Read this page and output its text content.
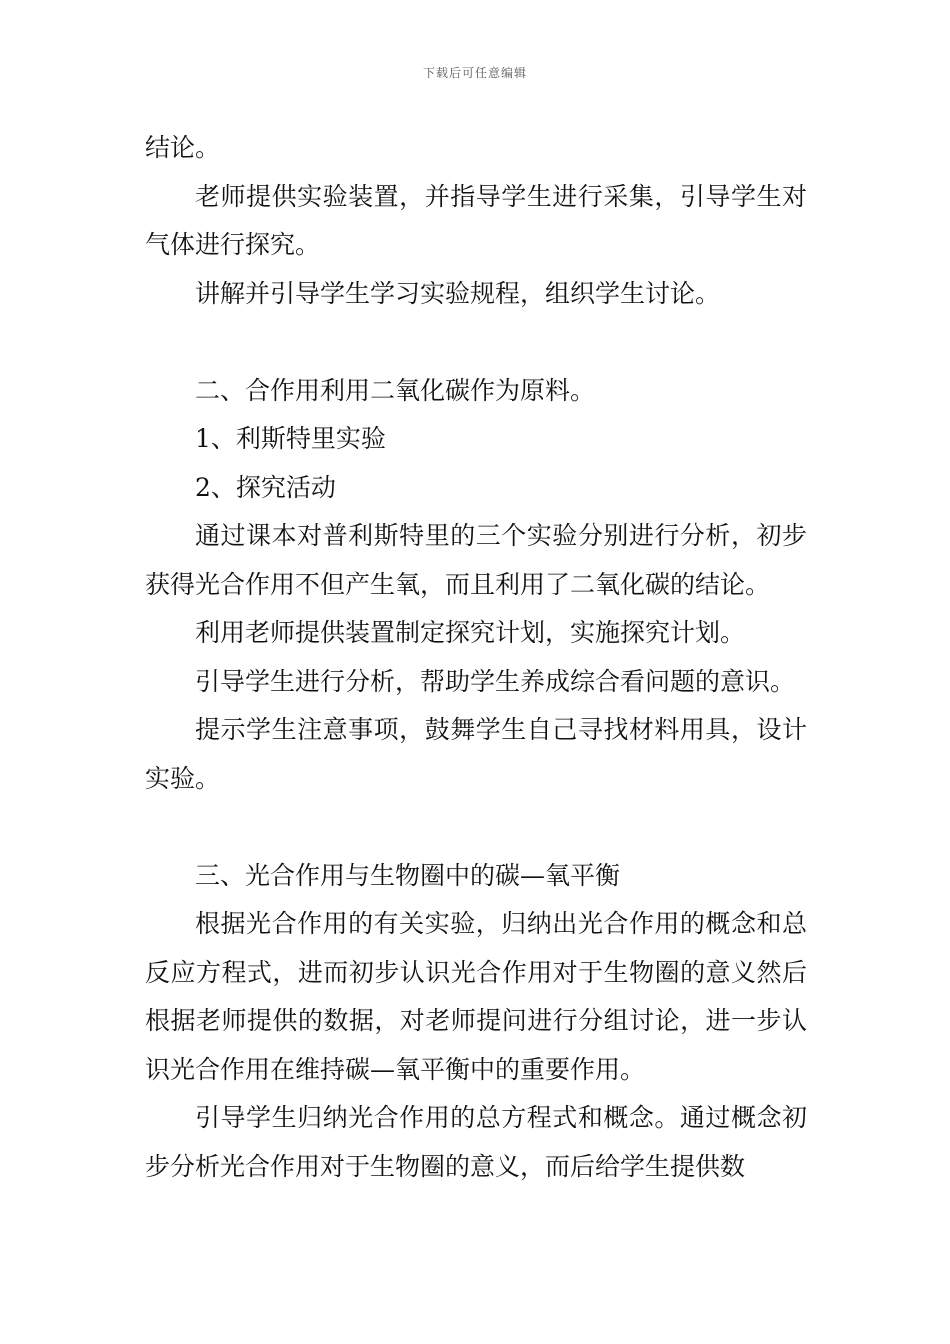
下载后可任意编辑

结论。

老师提供实验装置，并指导学生进行采集，引导学生对气体进行探究。

讲解并引导学生学习实验规程，组织学生讨论。

二、合作用利用二氧化碳作为原料。

1、利斯特里实验

2、探究活动

通过课本对普利斯特里的三个实验分别进行分析，初步获得光合作用不但产生氧，而且利用了二氧化碳的结论。

利用老师提供装置制定探究计划，实施探究计划。

引导学生进行分析，帮助学生养成综合看问题的意识。

提示学生注意事项，鼓舞学生自己寻找材料用具，设计实验。

三、光合作用与生物圈中的碳—氧平衡

根据光合作用的有关实验，归纳出光合作用的概念和总反应方程式，进而初步认识光合作用对于生物圈的意义然后根据老师提供的数据，对老师提问进行分组讨论，进一步认识光合作用在维持碳—氧平衡中的重要作用。

引导学生归纳光合作用的总方程式和概念。通过概念初步分析光合作用对于生物圈的意义，而后给学生提供数
